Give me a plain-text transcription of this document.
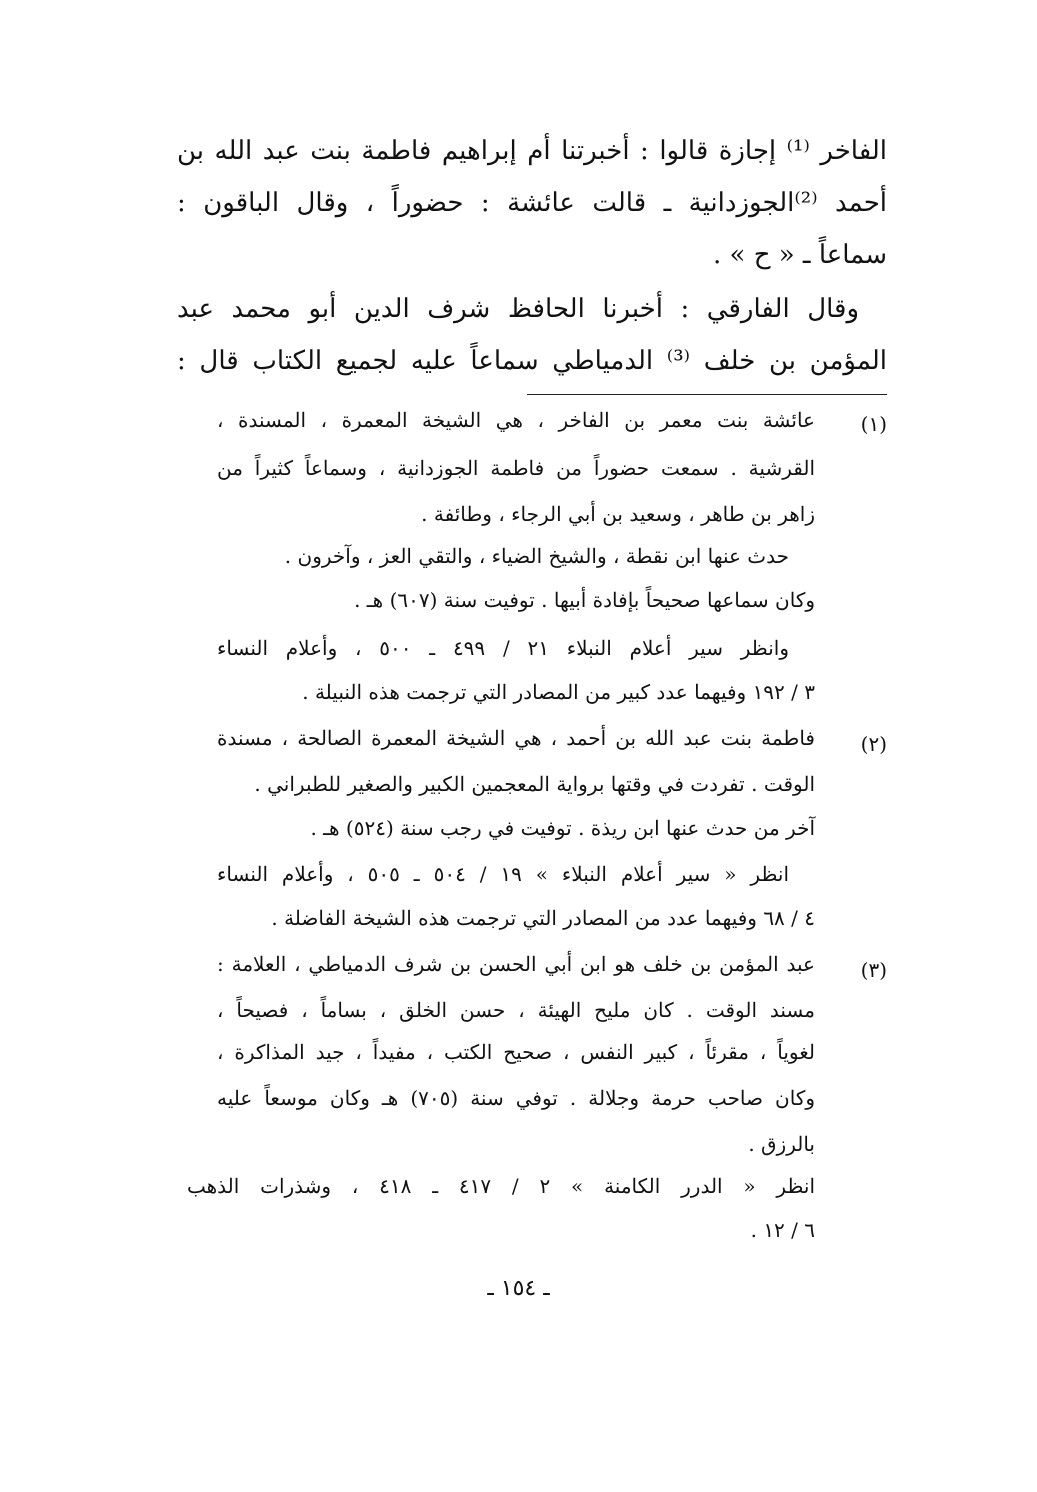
الفاخر ⁽¹⁾ إجازة قالوا : أخبرتنا أم إبراهيم فاطمة بنت عبد الله بن
أحمد ⁽²⁾الجوزدانية ـ قالت عائشة : حضوراً ، وقال الباقون :
سماعاً ـ « ح » .
وقال الفارقي : أخبرنا الحافظ شرف الدين أبو محمد عبد
المؤمن بن خلف ⁽³⁾ الدمياطي سماعاً عليه لجميع الكتاب قال :
(١)
عائشة بنت معمر بن الفاخر ، هي الشيخة المعمرة ، المسندة ،
القرشية . سمعت حضوراً من فاطمة الجوزدانية ، وسماعاً كثيراً من
زاهر بن طاهر ، وسعيد بن أبي الرجاء ، وطائفة .
حدث عنها ابن نقطة ، والشيخ الضياء ، والتقي العز ، وآخرون .
وكان سماعها صحيحاً بإفادة أبيها . توفيت سنة (٦٠٧) هـ .
وانظر سير أعلام النبلاء ٢١ / ٤٩٩ ـ ٥٠٠ ، وأعلام النساء
٣ / ١٩٢ وفيهما عدد كبير من المصادر التي ترجمت هذه النبيلة .
(٢)
فاطمة بنت عبد الله بن أحمد ، هي الشيخة المعمرة الصالحة ، مسندة
الوقت . تفردت في وقتها برواية المعجمين الكبير والصغير للطبراني .
آخر من حدث عنها ابن ريذة . توفيت في رجب سنة (٥٢٤) هـ .
انظر « سير أعلام النبلاء » ١٩ / ٥٠٤ ـ ٥٠٥ ، وأعلام النساء
٤ / ٦٨ وفيهما عدد من المصادر التي ترجمت هذه الشيخة الفاضلة .
(٣)
عبد المؤمن بن خلف هو ابن أبي الحسن بن شرف الدمياطي ، العلامة :
مسند الوقت . كان مليح الهيئة ، حسن الخلق ، بساماً ، فصيحاً ،
لغوياً ، مقرئاً ، كبير النفس ، صحيح الكتب ، مفيداً ، جيد المذاكرة ،
وكان صاحب حرمة وجلالة . توفي سنة (٧٠٥) هـ وكان موسعاً عليه
بالرزق .
انظر « الدرر الكامنة » ٢ / ٤١٧ ـ ٤١٨ ، وشذرات الذهب
٦ / ١٢ .
ـ ١٥٤ ـ
